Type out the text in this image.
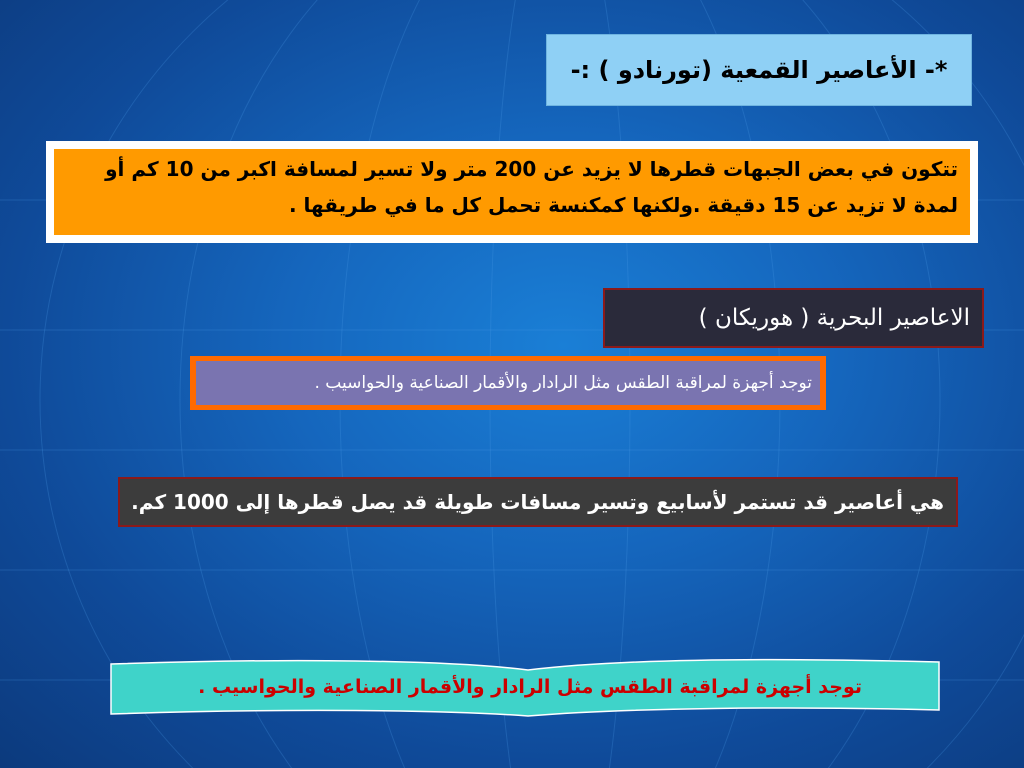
*- الأعاصير القمعية (تورنادو ) :-
تتكون في بعض الجبهات قطرها لا يزيد عن 200 متر ولا تسير لمسافة اكبر من 10 كم أو لمدة لا تزيد عن 15 دقيقة .ولكنها كمكنسة تحمل كل ما في طريقها .
الاعاصير البحرية ( هوريكان )
توجد أجهزة لمراقبة الطقس مثل الرادار والأقمار الصناعية والحواسيب .
هي أعاصير قد تستمر لأسابيع وتسير مسافات طويلة قد يصل قطرها إلى 1000 كم.
توجد أجهزة لمراقبة الطقس مثل الرادار والأقمار الصناعية والحواسيب .
